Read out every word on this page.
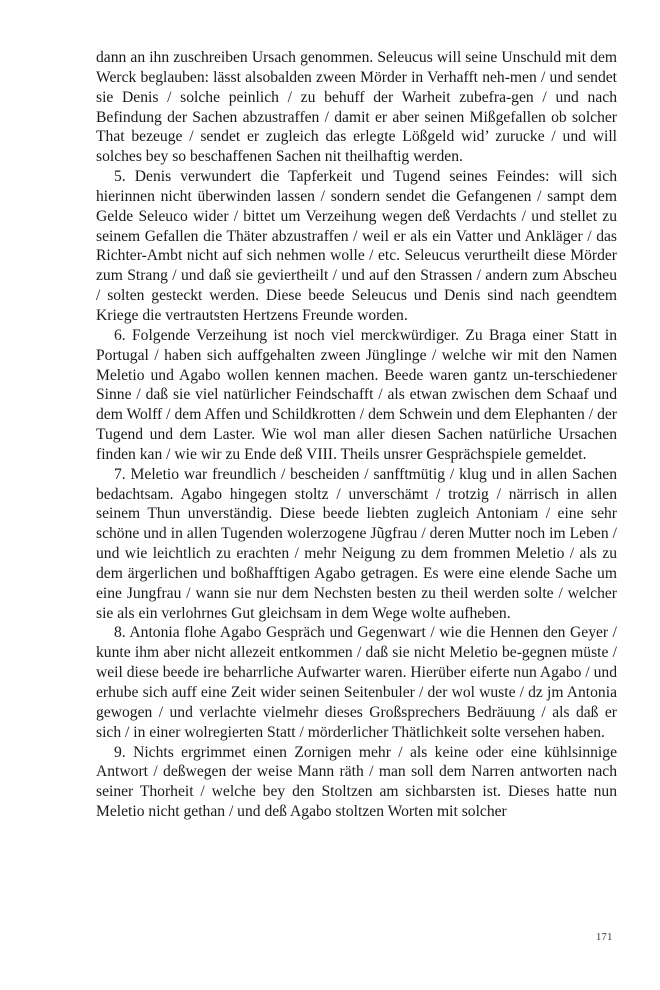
dann an ihn zuschreiben Ursach genommen. Seleucus will seine Unschuld mit dem Werck beglauben: lässt alsobalden zween Mörder in Verhafft neh-men / und sendet sie Denis / solche peinlich / zu behuff der Warheit zubefra-gen / und nach Befindung der Sachen abzustraffen / damit er aber seinen Mißgefallen ob solcher That bezeuge / sendet er zugleich das erlegte Lößgeld wid’ zurucke / und will solches bey so beschaffenen Sachen nit theilhaftig werden.

5. Denis verwundert die Tapferkeit und Tugend seines Feindes: will sich hierinnen nicht überwinden lassen / sondern sendet die Gefangenen / sampt dem Gelde Seleuco wider / bittet um Verzeihung wegen deß Verdachts / und stellet zu seinem Gefallen die Thäter abzustraffen / weil er als ein Vatter und Ankläger / das Richter-Ambt nicht auf sich nehmen wolle / etc. Seleucus verurtheilt diese Mörder zum Strang / und daß sie geviertheilt / und auf den Strassen / andern zum Abscheu / solten gesteckt werden. Diese beede Seleucus und Denis sind nach geendtem Kriege die vertrautsten Hertzens Freunde worden.

6. Folgende Verzeihung ist noch viel merckwürdiger. Zu Braga einer Statt in Portugal / haben sich auffgehalten zween Jünglinge / welche wir mit den Namen Meletio und Agabo wollen kennen machen. Beede waren gantz un-terschiedener Sinne / daß sie viel natürlicher Feindschafft / als etwan zwischen dem Schaaf und dem Wolff / dem Affen und Schildkrotten / dem Schwein und dem Elephanten / der Tugend und dem Laster. Wie wol man aller diesen Sachen natürliche Ursachen finden kan / wie wir zu Ende deß VIII. Theils unsrer Gesprächspiele gemeldet.

7. Meletio war freundlich / bescheiden / sanfftmütig / klug und in allen Sachen bedachtsam. Agabo hingegen stoltz / unverschämt / trotzig / närrisch in allen seinem Thun unverständig. Diese beede liebten zugleich Antoniam / eine sehr schöne und in allen Tugenden wolerzogene Jũgfrau / deren Mutter noch im Leben / und wie leichtlich zu erachten / mehr Neigung zu dem frommen Meletio / als zu dem ärgerlichen und boßhafftigen Agabo getragen. Es were eine elende Sache um eine Jungfrau / wann sie nur dem Nechsten besten zu theil werden solte / welcher sie als ein verlohrnes Gut gleichsam in dem Wege wolte aufheben.

8. Antonia flohe Agabo Gespräch und Gegenwart / wie die Hennen den Geyer / kunte ihm aber nicht allezeit entkommen / daß sie nicht Meletio be-gegnen müste / weil diese beede ire beharrliche Aufwarter waren. Hierüber eiferte nun Agabo / und erhube sich auff eine Zeit wider seinen Seitenbuler / der wol wuste / dz jm Antonia gewogen / und verlachte vielmehr dieses Großsprechers Bedräuung / als daß er sich / in einer wolregierten Statt / mörderlicher Thätlichkeit solte versehen haben.

9. Nichts ergrimmet einen Zornigen mehr / als keine oder eine kühlsinnige Antwort / deßwegen der weise Mann räth / man soll dem Narren antworten nach seiner Thorheit / welche bey den Stoltzen am sichbarsten ist. Dieses hatte nun Meletio nicht gethan / und deß Agabo stoltzen Worten mit solcher

171
